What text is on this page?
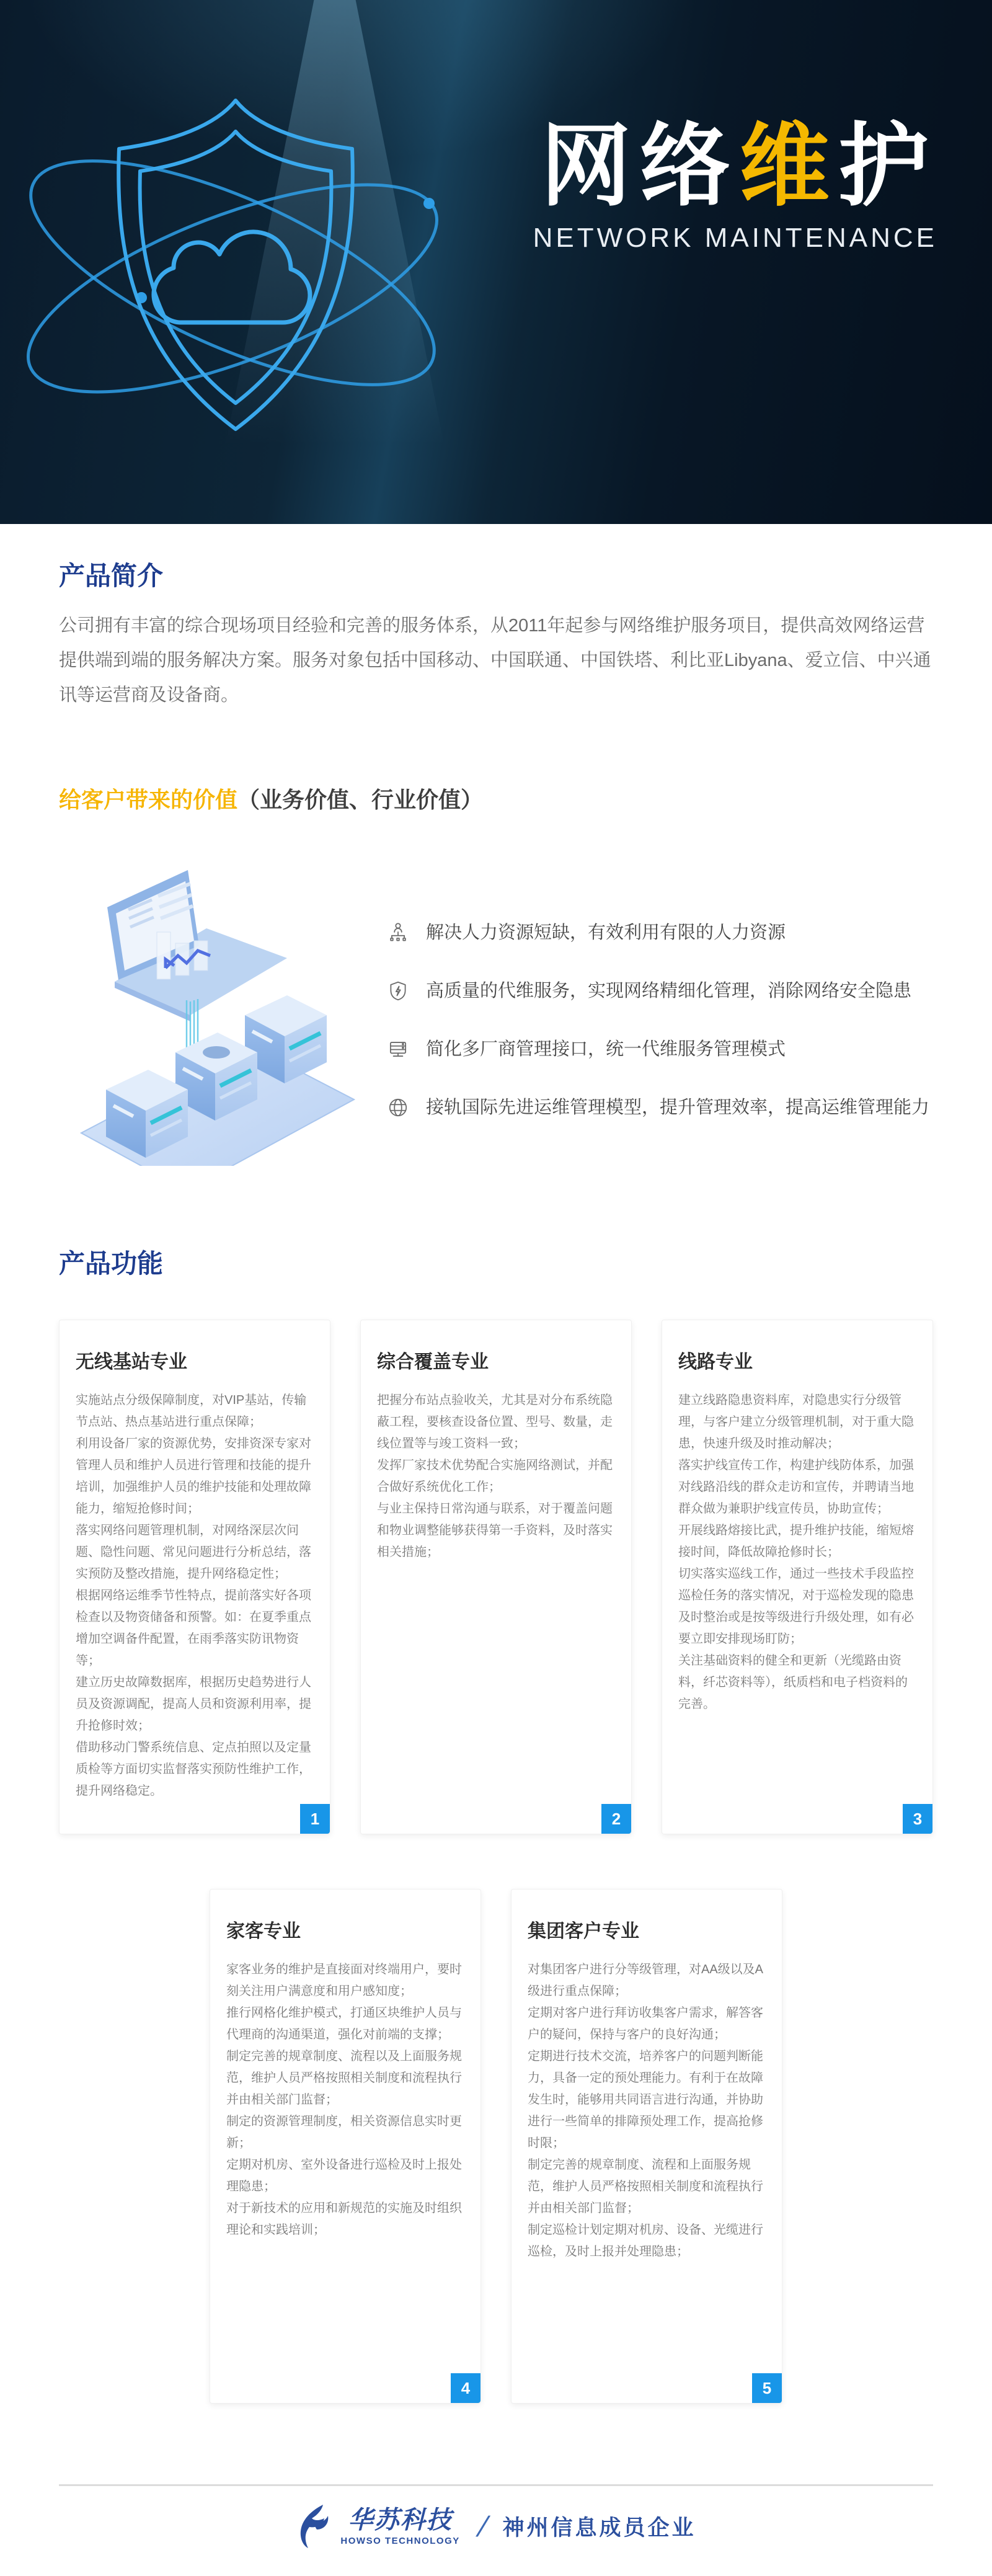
网络维护
NETWORK MAINTENANCE
产品简介

公司拥有丰富的综合现场项目经验和完善的服务体系，从2011年起参与网络维护服务项目，提供高效网络运营提供端到端的服务解决方案。服务对象包括中国移动、中国联通、中国铁塔、利比亚Libyana、爱立信、中兴通讯等运营商及设备商。

给客户带来的价值（业务价值、行业价值）
解决人力资源短缺，有效利用有限的人力资源
高质量的代维服务，实现网络精细化管理，消除网络安全隐患
简化多厂商管理接口，统一代维服务管理模式
接轨国际先进运维管理模型，提升管理效率，提高运维管理能力
产品功能
无线基站专业

实施站点分级保障制度，对VIP基站，传输节点站、热点基站进行重点保障；

利用设备厂家的资源优势，安排资深专家对管理人员和维护人员进行管理和技能的提升培训，加强维护人员的维护技能和处理故障能力，缩短抢修时间；

落实网络问题管理机制，对网络深层次问题、隐性问题、常见问题进行分析总结，落实预防及整改措施，提升网络稳定性；

根据网络运维季节性特点，提前落实好各项检查以及物资储备和预警。如：在夏季重点增加空调备件配置，在雨季落实防讯物资等；

建立历史故障数据库，根据历史趋势进行人员及资源调配，提高人员和资源利用率，提升抢修时效；

借助移动门警系统信息、定点拍照以及定量质检等方面切实监督落实预防性维护工作，提升网络稳定。

1
综合覆盖专业

把握分布站点验收关，尤其是对分布系统隐蔽工程，要核查设备位置、型号、数量，走线位置等与竣工资料一致；

发挥厂家技术优势配合实施网络测试，并配合做好系统优化工作；

与业主保持日常沟通与联系，对于覆盖问题和物业调整能够获得第一手资料，及时落实相关措施；

2
线路专业

建立线路隐患资料库，对隐患实行分级管理，与客户建立分级管理机制，对于重大隐患，快速升级及时推动解决；

落实护线宣传工作，构建护线防体系，加强对线路沿线的群众走访和宣传，并聘请当地群众做为兼职护线宣传员，协助宣传；

开展线路熔接比武，提升维护技能，缩短熔接时间，降低故障抢修时长；

切实落实巡线工作，通过一些技术手段监控巡检任务的落实情况，对于巡检发现的隐患及时整治或是按等级进行升级处理，如有必要立即安排现场盯防；

关注基础资料的健全和更新（光缆路由资料，纤芯资料等），纸质档和电子档资料的完善。

3
家客专业

家客业务的维护是直接面对终端用户，要时刻关注用户满意度和用户感知度；

推行网格化维护模式，打通区块维护人员与代理商的沟通渠道，强化对前端的支撑；

制定完善的规章制度、流程以及上面服务规范，维护人员严格按照相关制度和流程执行并由相关部门监督；

制定的资源管理制度，相关资源信息实时更新；

定期对机房、室外设备进行巡检及时上报处理隐患；

对于新技术的应用和新规范的实施及时组织理论和实践培训；

4
集团客户专业

对集团客户进行分等级管理，对AA级以及A级进行重点保障；

定期对客户进行拜访收集客户需求，解答客户的疑问，保持与客户的良好沟通；

定期进行技术交流，培养客户的问题判断能力，具备一定的预处理能力。有利于在故障发生时，能够用共同语言进行沟通，并协助进行一些简单的排障预处理工作，提高抢修时限；

制定完善的规章制度、流程和上面服务规范，维护人员严格按照相关制度和流程执行并由相关部门监督；

制定巡检计划定期对机房、设备、光缆进行巡检，及时上报并处理隐患；

5
华苏科技
HOWSO TECHNOLOGY / 神州信息成员企业
